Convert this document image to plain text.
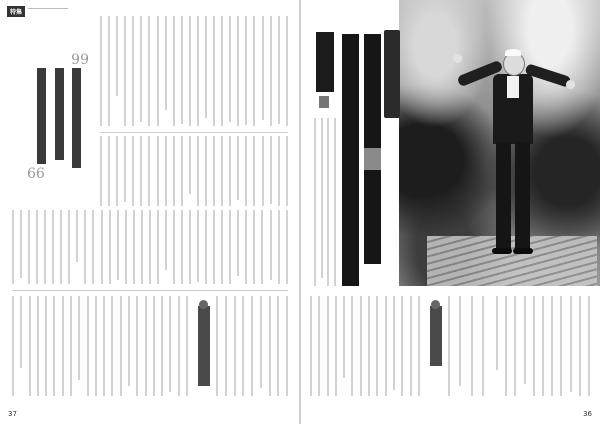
特集
99
66
37	36
